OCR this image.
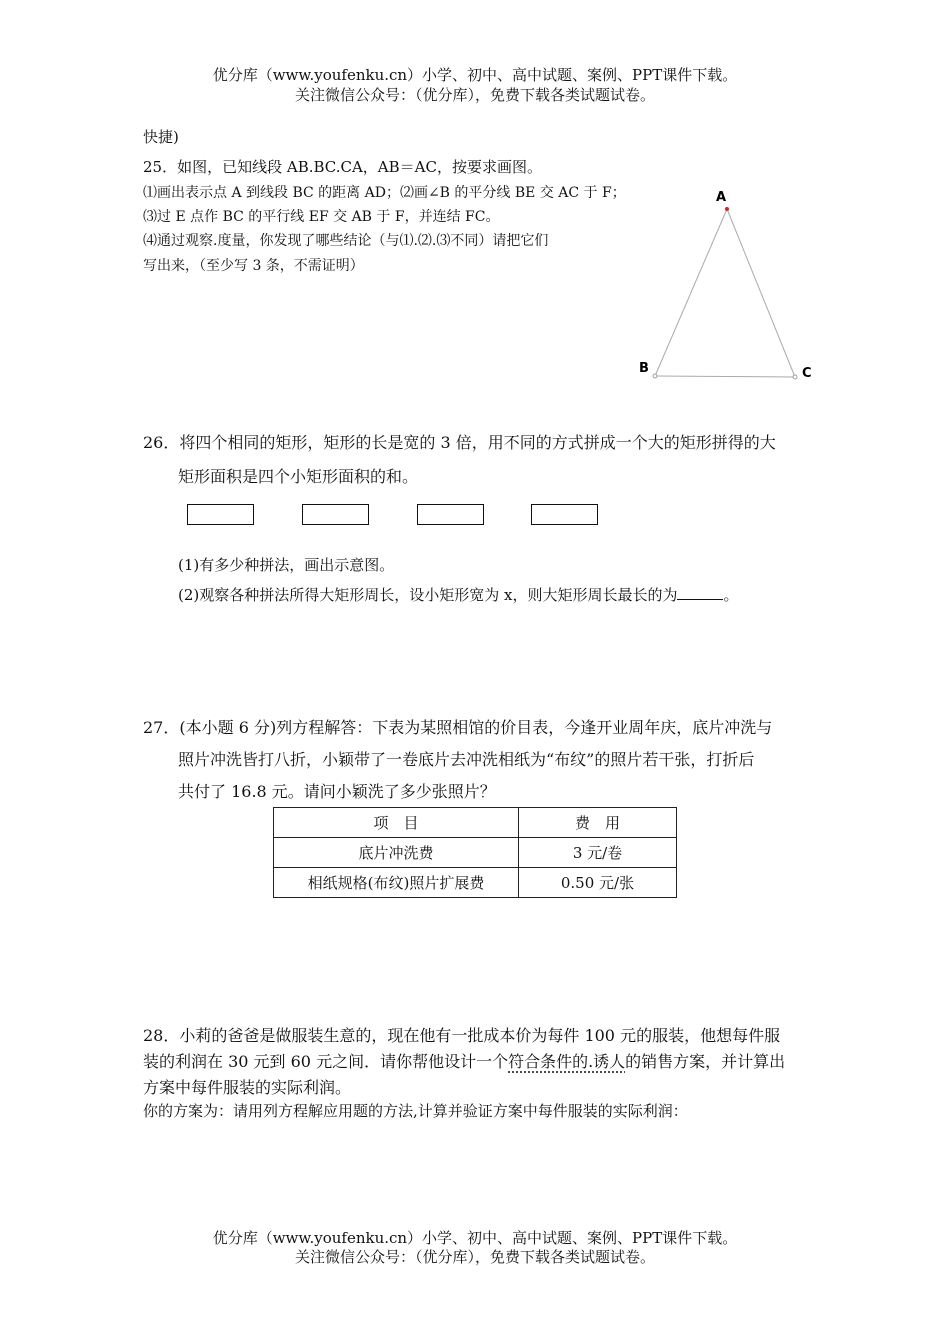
优分库（www.youfenku.cn）小学、初中、高中试题、案例、PPT课件下载。
关注微信公众号：（优分库），免费下载各类试题试卷。
快捷)
25．如图，已知线段 AB.BC.CA，AB＝AC，按要求画图。
⑴画出表示点 A 到线段 BC 的距离 AD；⑵画∠B 的平分线 BE 交 AC 于 F；
⑶过 E 点作 BC 的平行线 EF 交 AB 于 F，并连结 FC。
⑷通过观察.度量，你发现了哪些结论（与⑴.⑵.⑶不同）请把它们
写出来，（至少写 3 条，不需证明）
A
B	C
26．将四个相同的矩形，矩形的长是宽的 3 倍，用不同的方式拼成一个大的矩形拼得的大
矩形面积是四个小矩形面积的和。
(1)有多少种拼法，画出示意图。
(2)观察各种拼法所得大矩形周长，设小矩形宽为 x，则大矩形周长最长的为	。
27．(本小题 6 分)列方程解答：下表为某照相馆的价目表，今逢开业周年庆，底片冲洗与
照片冲洗皆打八折，小颖带了一卷底片去冲洗相纸为“布纹”的照片若干张，打折后
共付了 16.8 元。请问小颖洗了多少张照片？
项　目	费　用
底片冲洗费	3 元/卷
相纸规格(布纹)照片扩展费	0.50 元/张
28．小莉的爸爸是做服装生意的，现在他有一批成本价为每件 100 元的服装，他想每件服
装的利润在 30 元到 60 元之间．请你帮他设计一个符合条件的.诱人的销售方案，并计算出
方案中每件服装的实际利润。
你的方案为：请用列方程解应用题的方法,计算并验证方案中每件服装的实际利润：
优分库（www.youfenku.cn）小学、初中、高中试题、案例、PPT课件下载。
关注微信公众号：（优分库），免费下载各类试题试卷。
